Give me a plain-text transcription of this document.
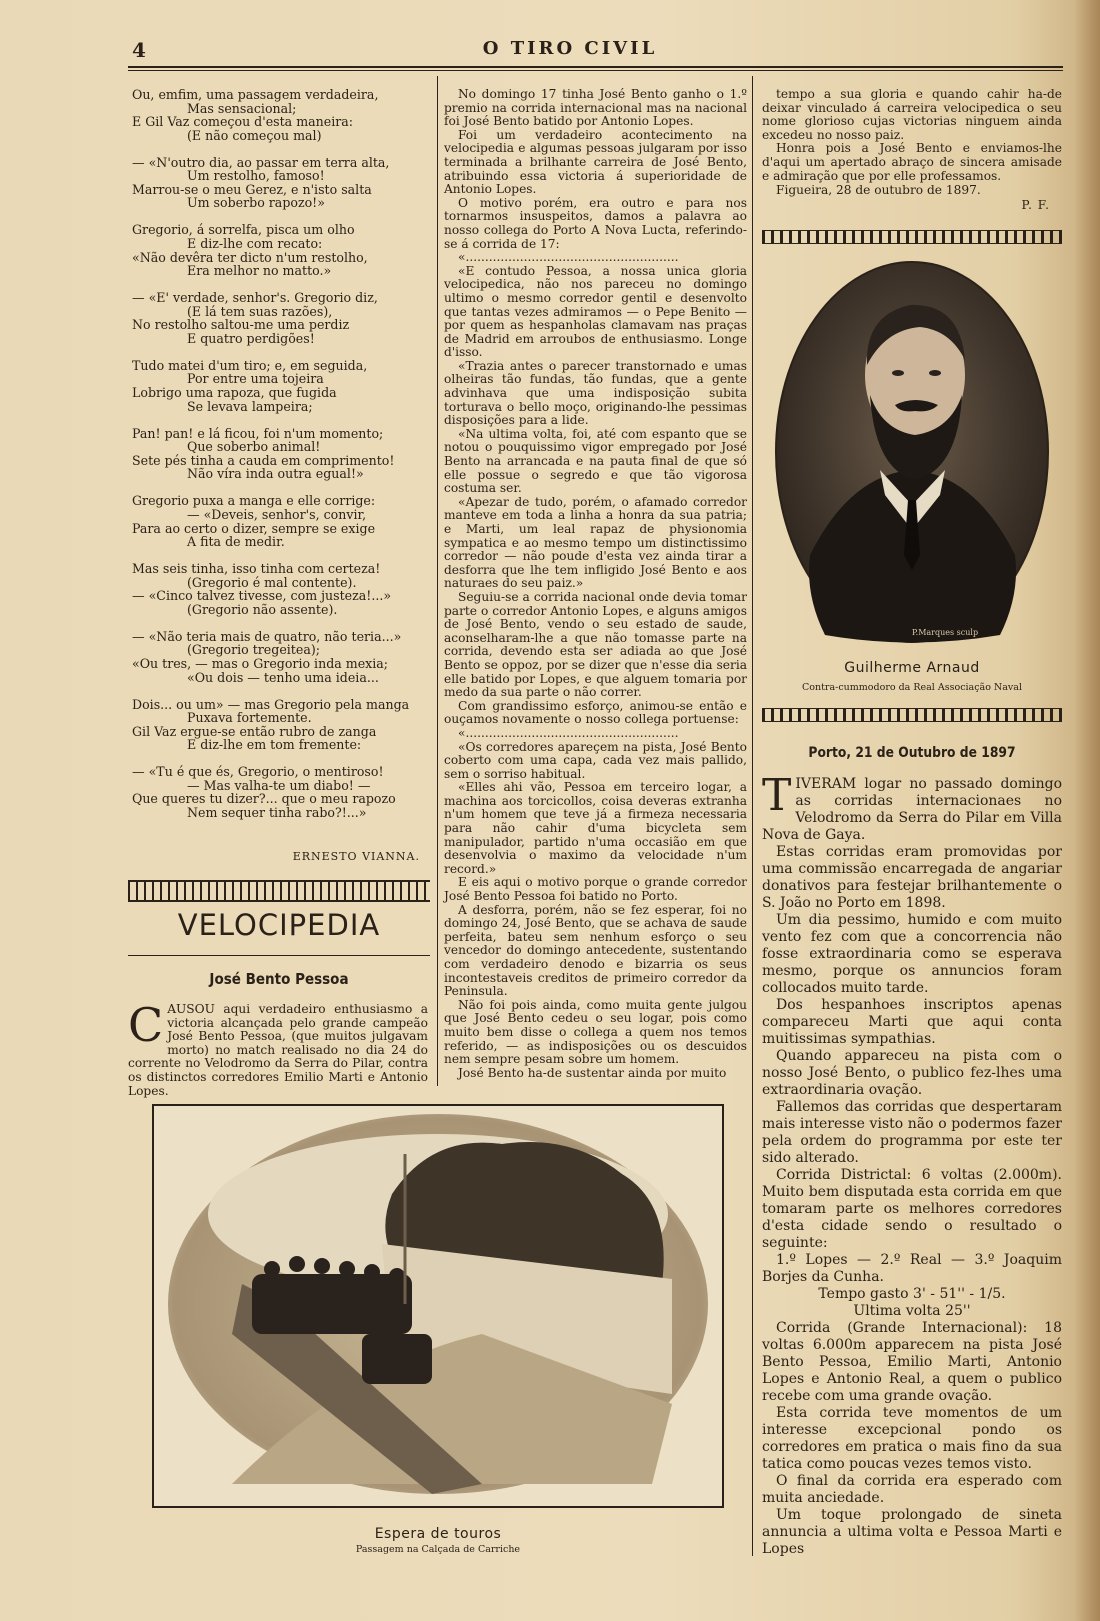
4	O TIRO CIVIL
Ou, emfim, uma passagem verdadeira,
Mas sensacional;
E Gil Vaz começou d'esta maneira:
(E não começou mal)
— «N'outro dia, ao passar em terra alta,
Um restolho, famoso!
Marrou-se o meu Gerez, e n'isto salta
Um soberbo rapozo!»
Gregorio, á sorrelfa, pisca um olho
E diz-lhe com recato:
«Não devêra ter dicto n'um restolho,
Era melhor no matto.»
— «E' verdade, senhor's. Gregorio diz,
(E lá tem suas razões),
No restolho saltou-me uma perdiz
E quatro perdigões!
Tudo matei d'um tiro; e, em seguida,
Por entre uma tojeira
Lobrigo uma rapoza, que fugida
Se levava lampeira;
Pan! pan! e lá ficou, foi n'um momento;
Que soberbo animal!
Sete pés tinha a cauda em comprimento!
Não víra inda outra egual!»
Gregorio puxa a manga e elle corrige:
— «Devei̇s, senhor's, convir,
Para ao certo o dizer, sempre se exige
A fita de medir.
Mas seis tinha, isso tinha com certeza!
(Gregorio é mal contente).
— «Cinco talvez tivesse, com justeza!...»
(Gregorio não assente).
— «Não teria mais de quatro, não teria...»
(Gregorio tregeitea);
«Ou tres, — mas o Gregorio inda mexia;
«Ou dois — tenho uma ideia...
Dois... ou um» — mas Gregorio pela manga
Puxava fortemente.
Gil Vaz ergue-se então rubro de zanga
E diz-lhe em tom fremente:
— «Tu é que és, Gregorio, o mentiroso!
— Mas valha-te um diabo! —
Que queres tu dizer?... que o meu rapozo
Nem sequer tinha rabo?!...»
ERNESTO VIANNA.
VELOCIPEDIA
José Bento Pessoa
C AUSOU aqui verdadeiro enthusiasmo a victoria alcançada pelo grande campeão José Bento Pessoa, (que muitos julgavam morto) no match realisado no dia 24 do corrente no Velodromo da Serra do Pilar, contra os distinctos corredores Emilio Marti e Antonio Lopes.

No domingo 17 tinha José Bento ganho o 1.º premio na corrida internacional mas na nacional foi José Bento batido por Antonio Lopes.

Foi um verdadeiro acontecimento na velocipedia e algumas pessoas julgaram por isso terminada a brilhante carreira de José Bento, atribuindo essa victoria á superioridade de Antonio Lopes.

O motivo porém, era outro e para nos tornarmos insuspeitos, damos a palavra ao nosso collega do Porto A Nova Lucta, referindo-se á corrida de 17:

«.......................................................

«E contudo Pessoa, a nossa unica gloria velocipedica, não nos pareceu no domingo ultimo o mesmo corredor gentil e desenvolto que tantas vezes admiramos — o Pepe Benito — por quem as hespanholas clamavam nas praças de Madrid em arroubos de enthusiasmo. Longe d'isso.

«Trazia antes o parecer transtornado e umas olheiras tão fundas, tão fundas, que a gente advinhava que uma indisposição subita torturava o bello moço, originando-lhe pessimas disposições para a lide.

«Na ultima volta, foi, até com espanto que se notou o pouquissimo vigor empregado por José Bento na arrancada e na pauta final de que só elle possue o segredo e que tão vigorosa costuma ser.

«Apezar de tudo, porém, o afamado corredor manteve em toda a linha a honra da sua patria; e Marti, um leal rapaz de physionomia sympatica e ao mesmo tempo um distinctissimo corredor — não poude d'esta vez ainda tirar a desforra que lhe tem infligido José Bento e aos naturaes do seu paiz.»

Seguiu-se a corrida nacional onde devia tomar parte o corredor Antonio Lopes, e alguns amigos de José Bento, vendo o seu estado de saude, aconselharam-lhe a que não tomasse parte na corrida, devendo esta ser adiada ao que José Bento se oppoz, por se dizer que n'esse dia seria elle batido por Lopes, e que alguem tomaria por medo da sua parte o não correr.

Com grandissimo esforço, animou-se então e ouçamos novamente o nosso collega portuense:

«.......................................................

«Os corredores apareçem na pista, José Bento coberto com uma capa, cada vez mais pallido, sem o sorriso habitual.

«Elles ahi vão, Pessoa em terceiro logar, a machina aos torcicollos, coisa deveras extranha n'um homem que teve já a firmeza necessaria para não cahir d'uma bicycleta sem manipulador, partido n'uma occasião em que desenvolvia o maximo da velocidade n'um record.»

E eis aqui o motivo porque o grande corredor José Bento Pessoa foi batido no Porto.

A desforra, porém, não se fez esperar, foi no domingo 24, José Bento, que se achava de saude perfeita, bateu sem nenhum esforço o seu vencedor do domingo antecedente, sustentando com verdadeiro denodo e bizarria os seus incontestaveis creditos de primeiro corredor da Peninsula.

Não foi pois ainda, como muita gente julgou que José Bento cedeu o seu logar, pois como muito bem disse o collega a quem nos temos referido, — as indisposições ou os descuidos nem sempre pesam sobre um homem.

José Bento ha-de sustentar ainda por muito

tempo a sua gloria e quando cahir ha-de deixar vinculado á carreira velocipedica o seu nome glorioso cujas victorias ninguem ainda excedeu no nosso paiz.

Honra pois a José Bento e enviamos-lhe d'aqui um apertado abraço de sincera amisade e admiração que por elle professamos.

Figueira, 28 de outubro de 1897.
P. F.
P.Marques sculp
Guilherme Arnaud
Contra-cummodoro da Real Associação Naval
Porto, 21 de Outubro de 1897
TIVERAM logar no passado domingo as corridas internacionaes no Velodromo da Serra do Pilar em Villa Nova de Gaya.
Estas corridas eram promovidas por uma commissão encarregada de angariar donativos para festejar brilhantemente o S. João no Porto em 1898.
Um dia pessimo, humido e com muito vento fez com que a concorrencia não fosse extraordinaria como se esperava mesmo, porque os annuncios foram collocados muito tarde.
Dos hespanhoes inscriptos apenas compareceu Marti que aqui conta muitissimas sympathias.
Quando appareceu na pista com o nosso José Bento, o publico fez-lhes uma extraordinaria ovação.
Fallemos das corridas que despertaram mais interesse visto não o podermos fazer pela ordem do programma por este ter sido alterado.
Corrida Districtal: 6 voltas (2.000m). Muito bem disputada esta corrida em que tomaram parte os melhores corredores d'esta cidade sendo o resultado o seguinte:
1.º Lopes — 2.º Real — 3.º Joaquim Borjes da Cunha.
Tempo gasto 3' - 51'' - 1/5.
Ultima volta 25''
Corrida (Grande Internacional): 18 voltas 6.000m apparecem na pista José Bento Pessoa, Emilio Marti, Antonio Lopes e Antonio Real, a quem o publico recebe com uma grande ovação.
Esta corrida teve momentos de um interesse excepcional pondo os corredores em pratica o mais fino da sua tatica como poucas vezes temos visto.
O final da corrida era esperado com muita anciedade.
Um toque prolongado de sineta annuncia a ultima volta e Pessoa Marti e Lopes
Espera de touros
Passagem na Calçada de Carriche
